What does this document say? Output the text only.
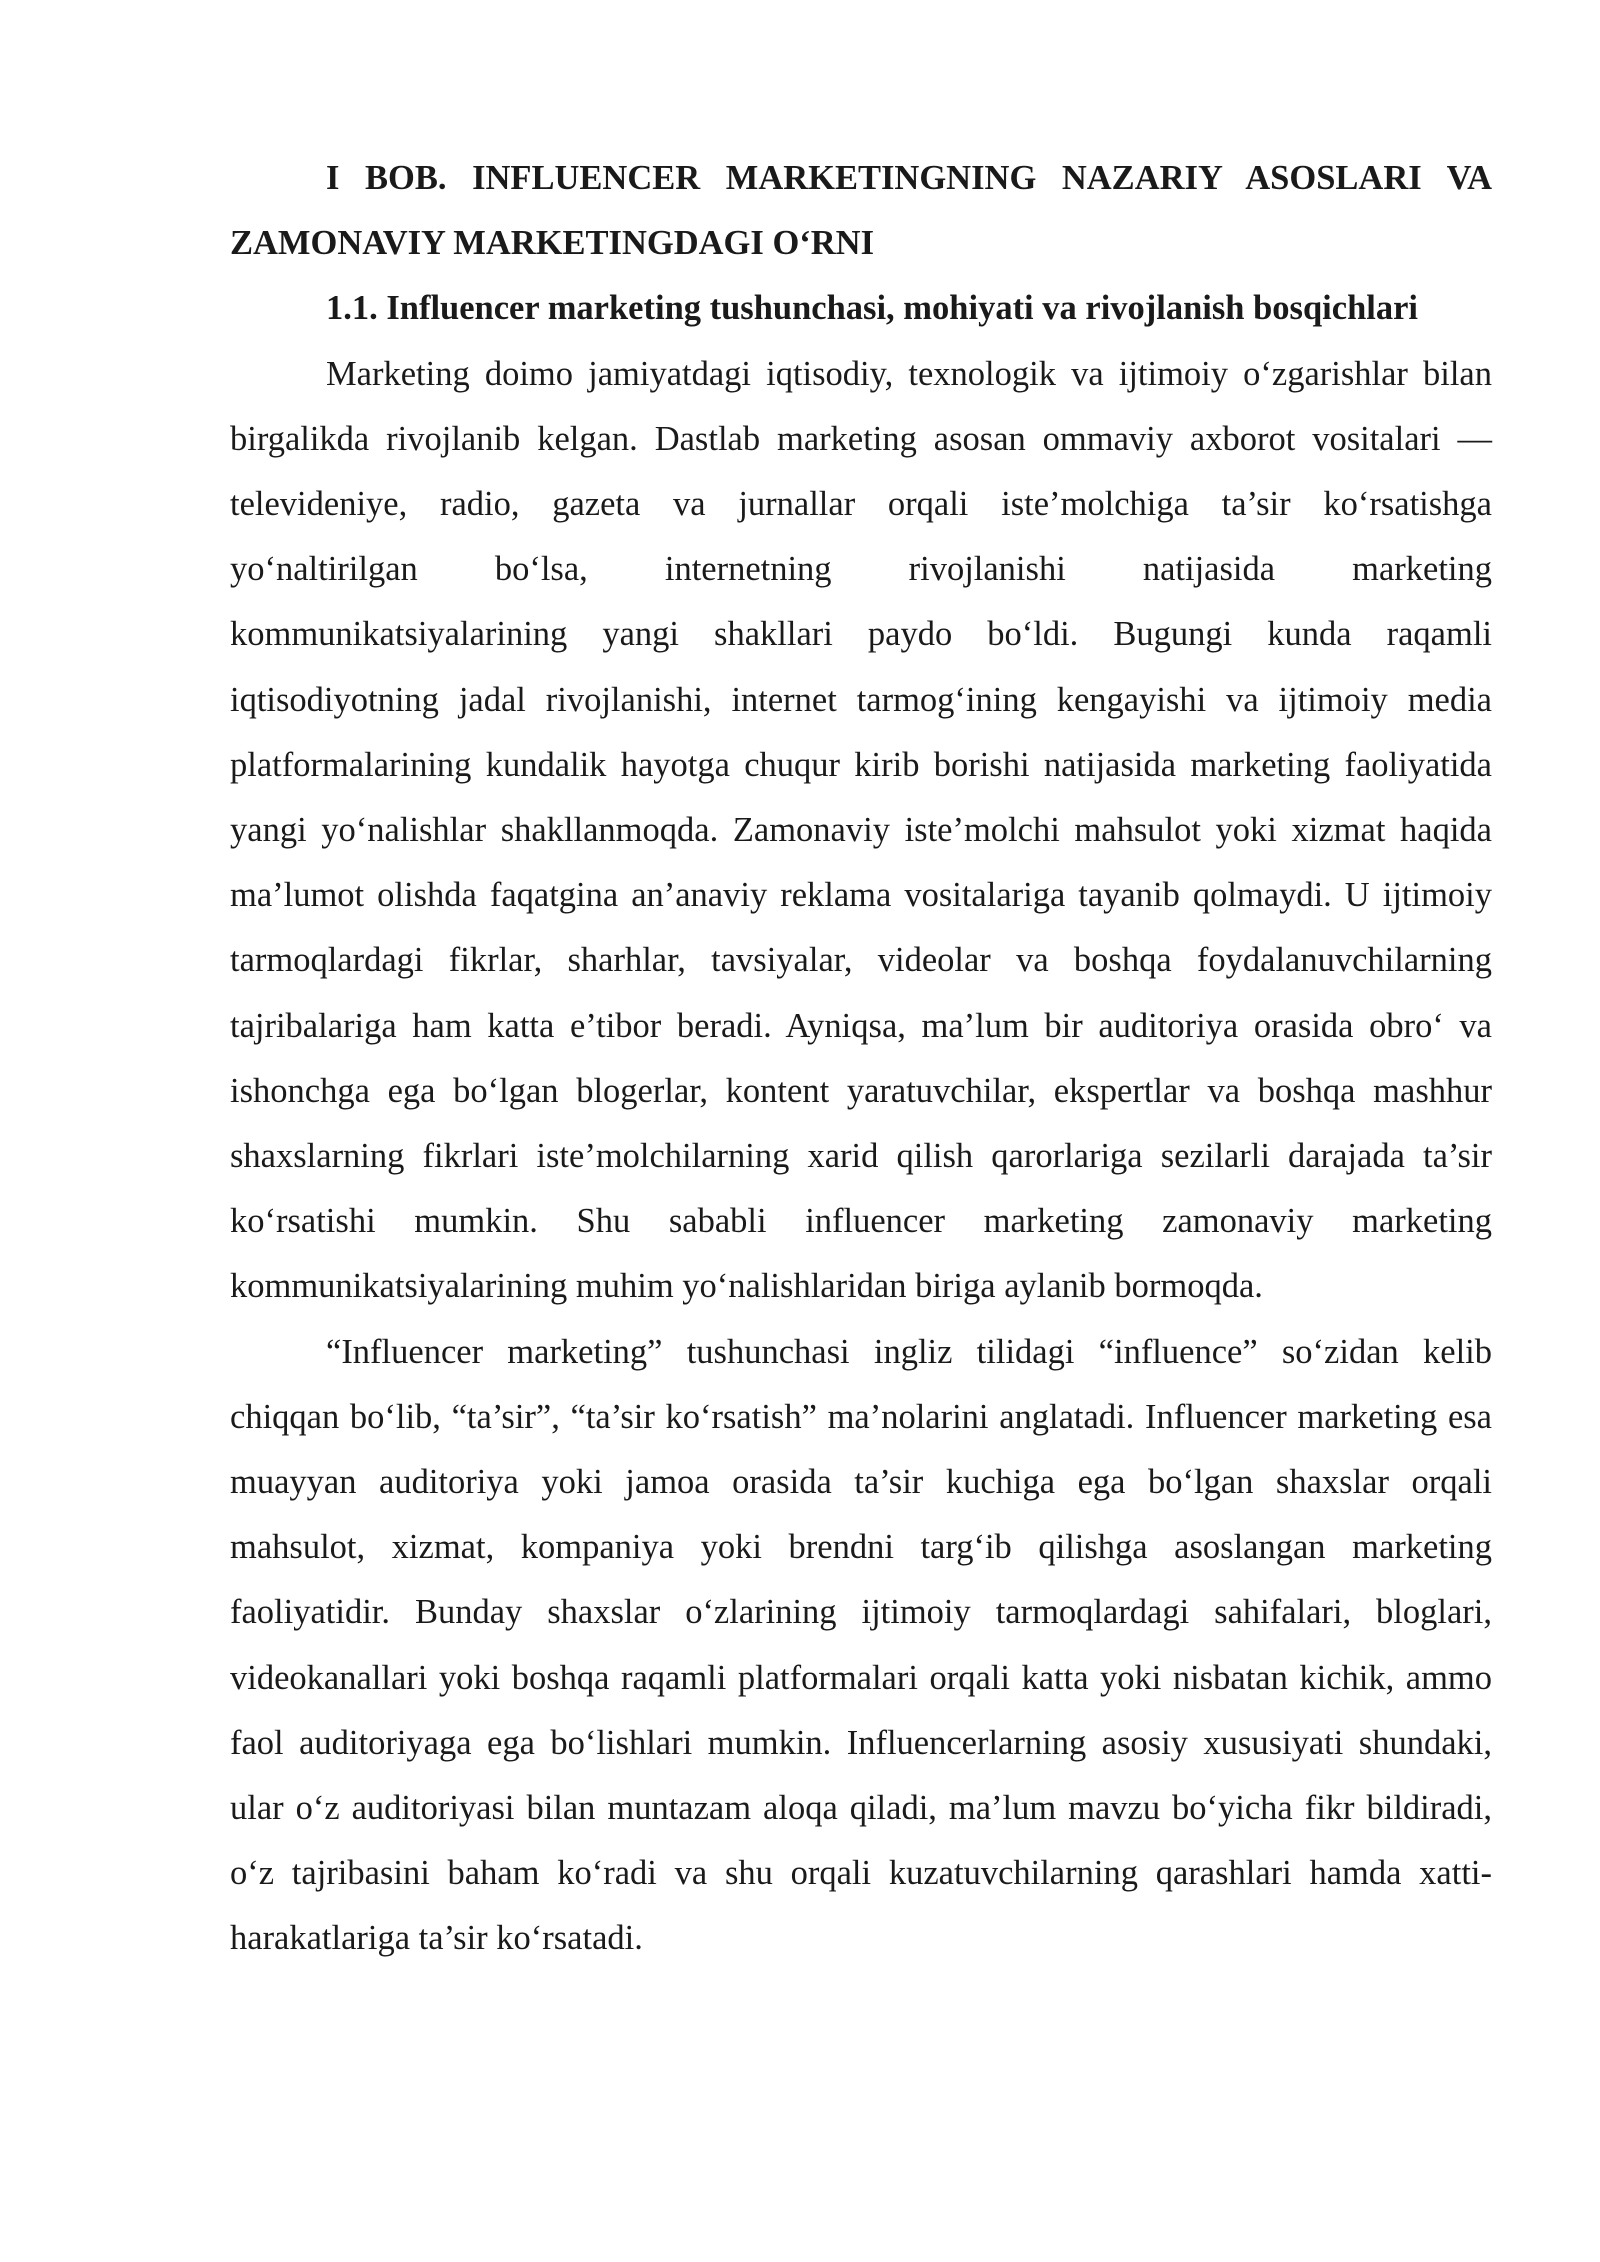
I BOB. INFLUENCER MARKETINGNING NAZARIY ASOSLARI VA ZAMONAVIY MARKETINGDAGI O‘RNI

1.1. Influencer marketing tushunchasi, mohiyati va rivojlanish bosqichlari

Marketing doimo jamiyatdagi iqtisodiy, texnologik va ijtimoiy o‘zgarishlar bilan birgalikda rivojlanib kelgan. Dastlab marketing asosan ommaviy axborot vositalari — televideniye, radio, gazeta va jurnallar orqali iste’molchiga ta’sir ko‘rsatishga yo‘naltirilgan bo‘lsa, internetning rivojlanishi natijasida marketing kommunikatsiyalarining yangi shakllari paydo bo‘ldi. Bugungi kunda raqamli iqtisodiyotning jadal rivojlanishi, internet tarmog‘ining kengayishi va ijtimoiy media platformalarining kundalik hayotga chuqur kirib borishi natijasida marketing faoliyatida yangi yo‘nalishlar shakllanmoqda. Zamonaviy iste’molchi mahsulot yoki xizmat haqida ma’lumot olishda faqatgina an’anaviy reklama vositalariga tayanib qolmaydi. U ijtimoiy tarmoqlardagi fikrlar, sharhlar, tavsiyalar, videolar va boshqa foydalanuvchilarning tajribalariga ham katta e’tibor beradi. Ayniqsa, ma’lum bir auditoriya orasida obro‘ va ishonchga ega bo‘lgan blogerlar, kontent yaratuvchilar, ekspertlar va boshqa mashhur shaxslarning fikrlari iste’molchilarning xarid qilish qarorlariga sezilarli darajada ta’sir ko‘rsatishi mumkin. Shu sababli influencer marketing zamonaviy marketing kommunikatsiyalarining muhim yo‘nalishlaridan biriga aylanib bormoqda.

“Influencer marketing” tushunchasi ingliz tilidagi “influence” so‘zidan kelib chiqqan bo‘lib, “ta’sir”, “ta’sir ko‘rsatish” ma’nolarini anglatadi. Influencer marketing esa muayyan auditoriya yoki jamoa orasida ta’sir kuchiga ega bo‘lgan shaxslar orqali mahsulot, xizmat, kompaniya yoki brendni targ‘ib qilishga asoslangan marketing faoliyatidir. Bunday shaxslar o‘zlarining ijtimoiy tarmoqlardagi sahifalari, bloglari, videokanallari yoki boshqa raqamli platformalari orqali katta yoki nisbatan kichik, ammo faol auditoriyaga ega bo‘lishlari mumkin. Influencerlarning asosiy xususiyati shundaki, ular o‘z auditoriyasi bilan muntazam aloqa qiladi, ma’lum mavzu bo‘yicha fikr bildiradi, o‘z tajribasini baham ko‘radi va shu orqali kuzatuvchilarning qarashlari hamda xatti-harakatlariga ta’sir ko‘rsatadi.
